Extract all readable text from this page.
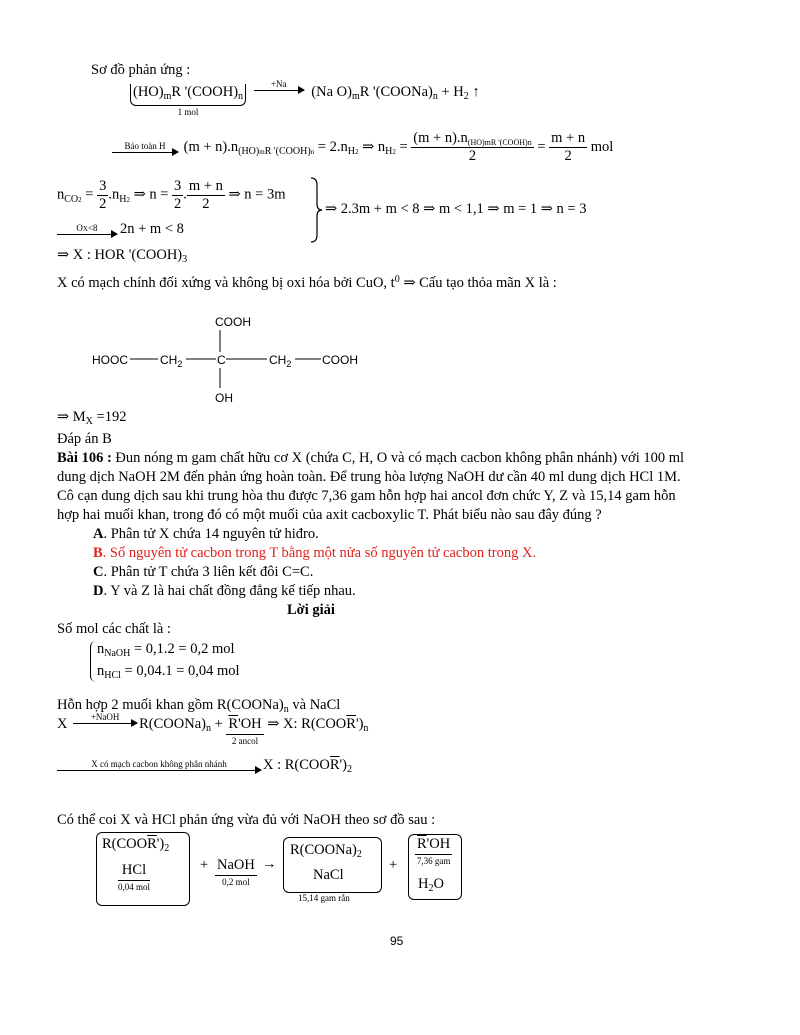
Sơ đồ phản ứng :
$(HO)_mR$ '$(COOH)_n$
1 mol

+Na	(Na $O)_mR$ '$(COONa)_n + H_2$ ↑
Bảo toàn H	$(m + n).n_{(HO)mR '(COOH)n} = 2.n_{H2}$ ⇒ $n_{H2} = \frac{(m + n).n_{(HO)mR '(COOH)n}}{2} = \frac{m + n}{2}$ mol
$n_{CO2} = \frac{3}{2} .n_{H2}$ ⇒ $n = \frac{3}{2}$ . $\frac{m + n}{2}$ ⇒ n = 3m
OX<8	2n + m < 8
⇒ 2.3m + m < 8 ⇒ m < 1,1 ⇒ m = 1 ⇒ n = 3
⇒ X : HOR '$(COOH)_3$
X có mạch chính đối xứng và không bị oxi hóa bởi CuO, $t^0$ ⇒ Cấu tạo thỏa mãn X là :
COOH
HOOC	$CH_2$	C	$CH_2$	COOH
OH
⇒ $M_X =192$
Đáp án B
Bài 106 : Đun nóng m gam chất hữu cơ X (chứa C, H, O và có mạch cacbon không phân nhánh) với 100 ml
dung dịch NaOH 2M đến phản ứng hoàn toàn. Để trung hòa lượng NaOH dư cần 40 ml dung dịch HCl 1M.
Cô cạn dung dịch sau khi trung hòa thu được 7,36 gam hỗn hợp hai ancol đơn chức Y, Z và 15,14 gam hỗn
hợp hai muối khan, trong đó có một muối của axit cacboxylic T. Phát biểu nào sau đây đúng ?
A. Phân tử X chứa 14 nguyên tử hiđro.
B. Số nguyên tử cacbon trong T bằng một nửa số nguyên tử cacbon trong X.
C. Phân tử T chứa 3 liên kết đôi C=C.
D. Y và Z là hai chất đồng đẳng kế tiếp nhau.
Lời giải
Số mol các chất là :
$n_{NaOH} = 0,1.2 = 0,2$ mol
$n_{HCl} = 0,04.1 = 0,04$ mol
Hỗn hợp 2 muối khan gồm $R(COONa)_n$ và NaCl
X	+NaOH	$R(COONa)_n + \overline{R}'OH$
2 ancol
⇒ X: $R(COO\overline{R}')_n$
X có mạch cacbon không phân nhánh	X : $R(COO\overline{R}')_2$
Có thể coi X và HCl phản ứng vừa đủ với NaOH theo sơ đồ sau :
$R(COO\overline{R}')_2$
HCl
0,04 mol
+ NaOH
0,2 mol
→
$R(COONa)_2$
NaCl
15,14 gam rắn
+
$\overline{R}'OH$
7,36 gam
$H_2O$
95
